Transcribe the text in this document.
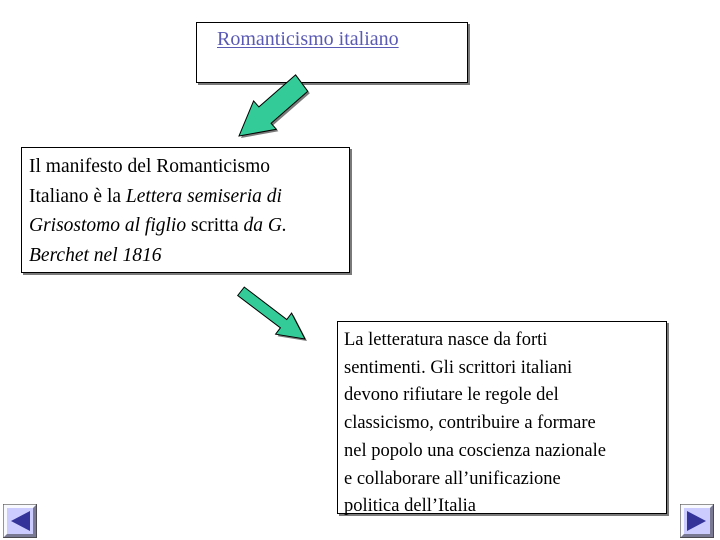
Romanticismo italiano
Il manifesto del Romanticismo
Italiano è la Lettera semiseria di
Grisostomo al figlio scritta da G.
Berchet nel 1816
La letteratura nasce da forti
sentimenti. Gli scrittori italiani
devono rifiutare le regole del
classicismo, contribuire a formare
nel popolo una coscienza nazionale
e collaborare all’unificazione
politica dell’Italia
